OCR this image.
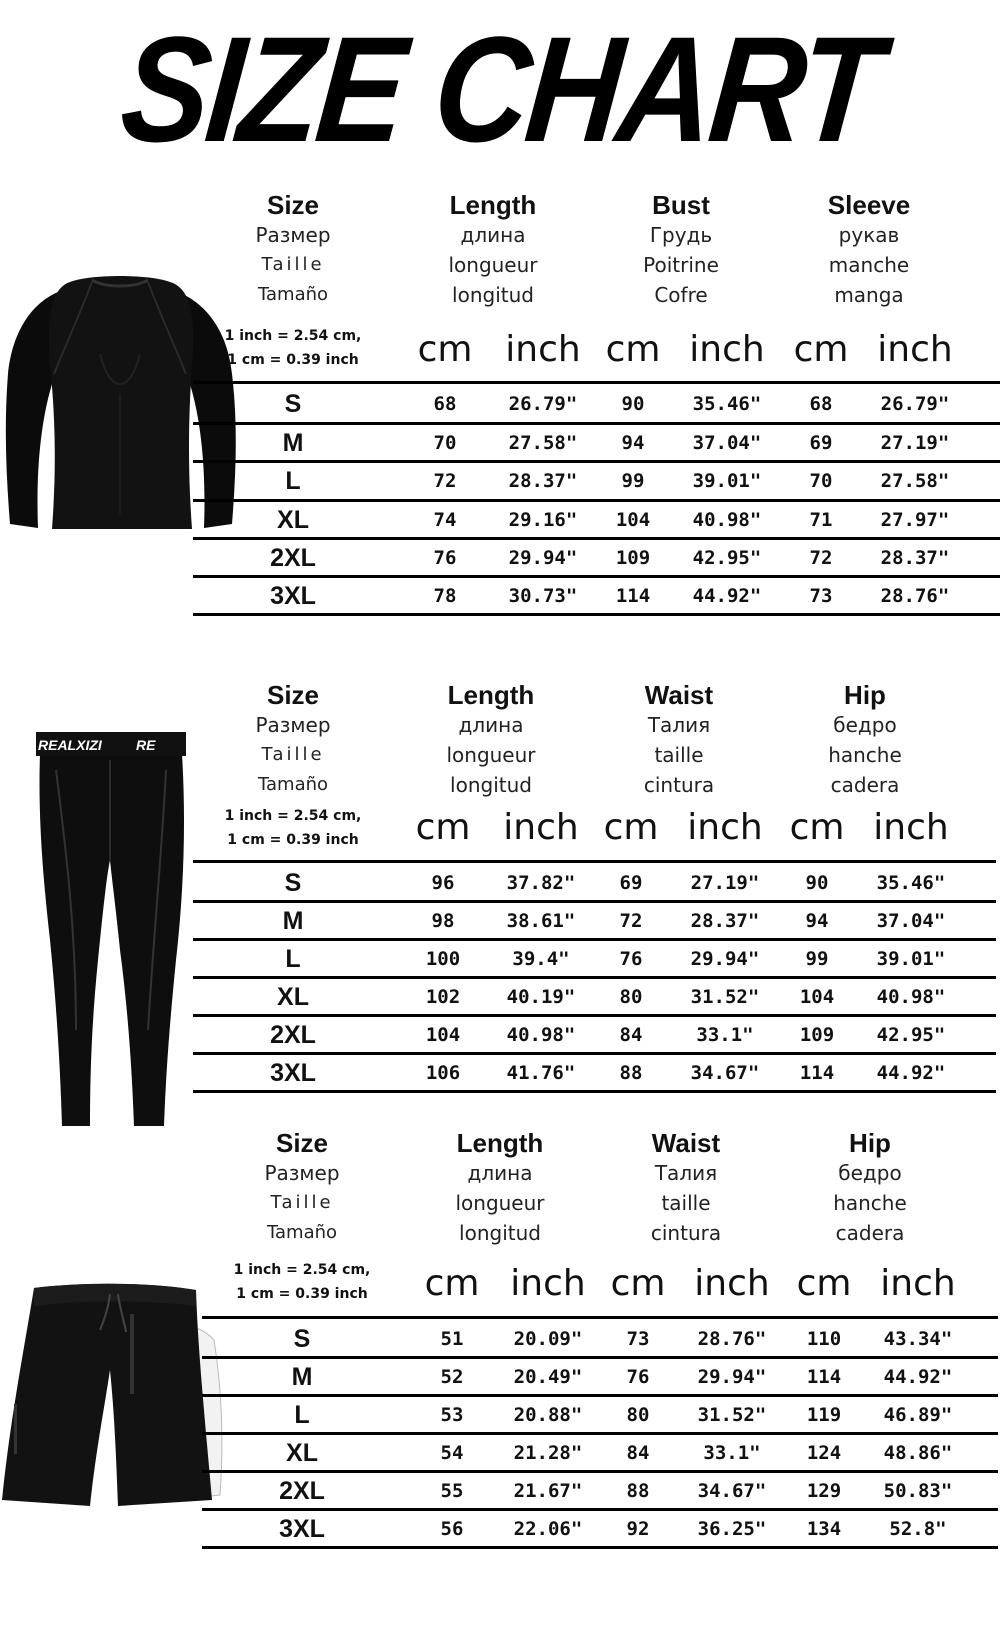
SIZE CHART
Size
Размер
Taille
Tamaño
Length
длина
longueur
longitud
Bust
Грудь
Poitrine
Cofre
Sleeve
рукав
manche
manga
1 inch = 2.54 cm,
1 cm = 0.39 inch	cm inch cm inch cm inch
S	68	26.79"	90	35.46"	68	26.79"
M	70	27.58"	94	37.04"	69	27.19"
L	72	28.37"	99	39.01"	70	27.58"
XL	74	29.16"	104	40.98"	71	27.97"
2XL	76	29.94"	109	42.95"	72	28.37"
3XL	78	30.73"	114	44.92"	73	28.76"
REALXIZI RE
Size
Размер
Taille
Tamaño
Length
длина
longueur
longitud
Waist
Талия
taille
cintura
Hip
бедро
hanche
cadera
1 inch = 2.54 cm,
1 cm = 0.39 inch	cm inch cm inch cm inch
S	96	37.82"	69	27.19"	90	35.46"
M	98	38.61"	72	28.37"	94	37.04"
L	100	39.4"	76	29.94"	99	39.01"
XL	102	40.19"	80	31.52"	104	40.98"
2XL	104	40.98"	84	33.1"	109	42.95"
3XL	106	41.76"	88	34.67"	114	44.92"
Size
Размер
Taille
Tamaño
Length
длина
longueur
longitud
Waist
Талия
taille
cintura
Hip
бедро
hanche
cadera
1 inch = 2.54 cm,
1 cm = 0.39 inch	cm inch cm inch cm inch
S	51	20.09"	73	28.76"	110	43.34"
M	52	20.49"	76	29.94"	114	44.92"
L	53	20.88"	80	31.52"	119	46.89"
XL	54	21.28"	84	33.1"	124	48.86"
2XL	55	21.67"	88	34.67"	129	50.83"
3XL	56	22.06"	92	36.25"	134	52.8"
